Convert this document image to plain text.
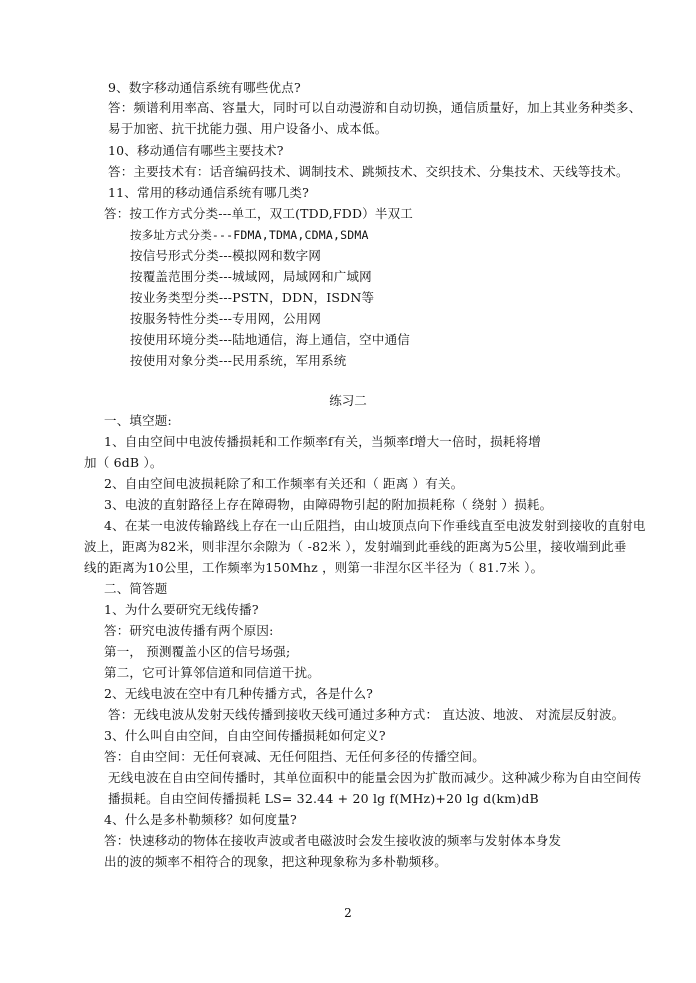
9、数字移动通信系统有哪些优点?
答：频谱利用率高、容量大，同时可以自动漫游和自动切换，通信质量好，加上其业务种类多、
易于加密、抗干扰能力强、用户设备小、成本低。
10、移动通信有哪些主要技术?
答：主要技术有：话音编码技术、调制技术、跳频技术、交织技术、分集技术、天线等技术。
11、常用的移动通信系统有哪几类?
答：按工作方式分类---单工，双工(TDD,FDD）半双工
按多址方式分类---FDMA,TDMA,CDMA,SDMA
按信号形式分类---模拟网和数字网
按覆盖范围分类---城域网，局域网和广域网
按业务类型分类---PSTN，DDN，ISDN等
按服务特性分类---专用网，公用网
按使用环境分类---陆地通信，海上通信，空中通信
按使用对象分类---民用系统，军用系统
练习二
一、填空题:
1、自由空间中电波传播损耗和工作频率f有关，当频率f增大一倍时，损耗将增
加（ 6dB ）。
2、自由空间电波损耗除了和工作频率有关还和（ 距离 ）有关。
3、电波的直射路径上存在障碍物，由障碍物引起的附加损耗称（ 绕射 ）损耗。
4、在某一电波传输路线上存在一山丘阻挡，由山坡顶点向下作垂线直至电波发射到接收的直射电
波上，距离为82米，则非涅尔余隙为（ -82米 ），发射端到此垂线的距离为5公里，接收端到此垂
线的距离为10公里，工作频率为150Mhz ，则第一非涅尔区半径为（ 81.7米 ）。
二、简答题
1、为什么要研究无线传播?
答：研究电波传播有两个原因:
第一， 预测覆盖小区的信号场强;
第二，它可计算邻信道和同信道干扰。
2、无线电波在空中有几种传播方式，各是什么?
答：无线电波从发射天线传播到接收天线可通过多种方式： 直达波、地波、 对流层反射波。
3、什么叫自由空间，自由空间传播损耗如何定义?
答：自由空间：无任何衰减、无任何阻挡、无任何多径的传播空间。
无线电波在自由空间传播时，其单位面积中的能量会因为扩散而减少。这种减少称为自由空间传
播损耗。自由空间传播损耗 LS= 32.44 + 20 lg f(MHz)+20 lg d(km)dB
4、什么是多朴勒频移？如何度量?
答：快速移动的物体在接收声波或者电磁波时会发生接收波的频率与发射体本身发
出的波的频率不相符合的现象，把这种现象称为多朴勒频移。
2
